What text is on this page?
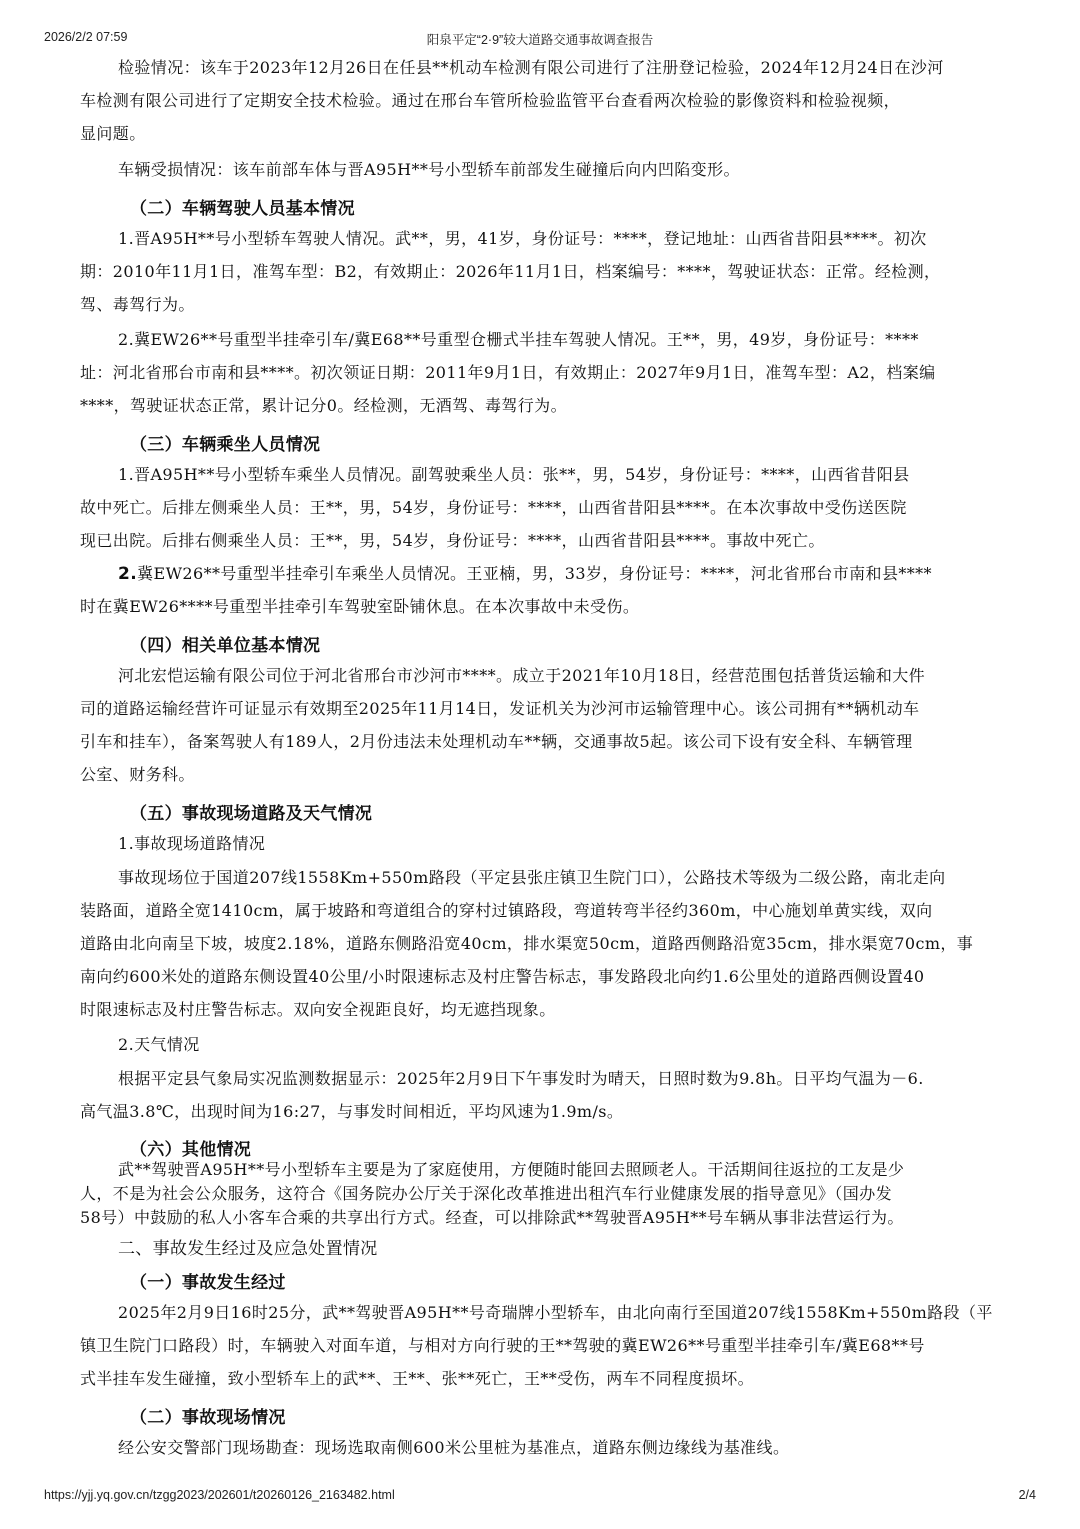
阳泉平定“2·9”较大道路交通事故调查报告
2026/2/2 07:59

检验情况：该车于2023年12月26日在任县**机动车检测有限公司进行了注册登记检验，2024年12月24日在沙河

车检测有限公司进行了定期安全技术检验。通过在邢台车管所检验监管平台查看两次检验的影像资料和检验视频，

显问题。

车辆受损情况：该车前部车体与晋A95H**号小型轿车前部发生碰撞后向内凹陷变形。

（二）车辆驾驶人员基本情况

1.晋A95H**号小型轿车驾驶人情况。武**，男，41岁，身份证号：****，登记地址：山西省昔阳县****。初次

期：2010年11月1日，准驾车型：B2，有效期止：2026年11月1日，档案编号：****，驾驶证状态：正常。经检测，

驾、毒驾行为。

2.冀EW26**号重型半挂牵引车/冀E68**号重型仓栅式半挂车驾驶人情况。王**，男，49岁，身份证号：****

址：河北省邢台市南和县****。初次领证日期：2011年9月1日，有效期止：2027年9月1日，准驾车型：A2，档案编

****，驾驶证状态正常，累计记分0。经检测，无酒驾、毒驾行为。

（三）车辆乘坐人员情况

1.晋A95H**号小型轿车乘坐人员情况。副驾驶乘坐人员：张**，男，54岁，身份证号：****，山西省昔阳县

故中死亡。后排左侧乘坐人员：王**，男，54岁，身份证号：****，山西省昔阳县****。在本次事故中受伤送医院

现已出院。后排右侧乘坐人员：王**，男，54岁，身份证号：****，山西省昔阳县****。事故中死亡。

2.冀EW26**号重型半挂牵引车乘坐人员情况。王亚楠，男，33岁，身份证号：****，河北省邢台市南和县****

时在冀EW26****号重型半挂牵引车驾驶室卧铺休息。在本次事故中未受伤。

（四）相关单位基本情况

河北宏恺运输有限公司位于河北省邢台市沙河市****。成立于2021年10月18日，经营范围包括普货运输和大件

司的道路运输经营许可证显示有效期至2025年11月14日，发证机关为沙河市运输管理中心。该公司拥有**辆机动车

引车和挂车），备案驾驶人有189人，2月份违法未处理机动车**辆，交通事故5起。该公司下设有安全科、车辆管理

公室、财务科。

（五）事故现场道路及天气情况

1.事故现场道路情况

事故现场位于国道207线1558Km+550m路段（平定县张庄镇卫生院门口），公路技术等级为二级公路，南北走向

装路面，道路全宽1410cm，属于坡路和弯道组合的穿村过镇路段，弯道转弯半径约360m，中心施划单黄实线，双向

道路由北向南呈下坡，坡度2.18%，道路东侧路沿宽40cm，排水渠宽50cm，道路西侧路沿宽35cm，排水渠宽70cm，事

南向约600米处的道路东侧设置40公里/小时限速标志及村庄警告标志，事发路段北向约1.6公里处的道路西侧设置40

时限速标志及村庄警告标志。双向安全视距良好，均无遮挡现象。

2.天气情况

根据平定县气象局实况监测数据显示：2025年2月9日下午事发时为晴天，日照时数为9.8h。日平均气温为－6.

高气温3.8℃，出现时间为16:27，与事发时间相近，平均风速为1.9m/s。

（六）其他情况

武**驾驶晋A95H**号小型轿车主要是为了家庭使用，方便随时能回去照顾老人。干活期间往返拉的工友是少

人，不是为社会公众服务，这符合《国务院办公厅关于深化改革推进出租汽车行业健康发展的指导意见》（国办发

58号）中鼓励的私人小客车合乘的共享出行方式。经查，可以排除武**驾驶晋A95H**号车辆从事非法营运行为。

二、事故发生经过及应急处置情况

（一）事故发生经过

2025年2月9日16时25分，武**驾驶晋A95H**号奇瑞牌小型轿车，由北向南行至国道207线1558Km+550m路段（平

镇卫生院门口路段）时，车辆驶入对面车道，与相对方向行驶的王**驾驶的冀EW26**号重型半挂牵引车/冀E68**号

式半挂车发生碰撞，致小型轿车上的武**、王**、张**死亡，王**受伤，两车不同程度损坏。

（二）事故现场情况

经公安交警部门现场勘查：现场选取南侧600米公里桩为基准点，道路东侧边缘线为基准线。

https://yjj.yq.gov.cn/tzgg2023/202601/t20260126_2163482.html	2/4
